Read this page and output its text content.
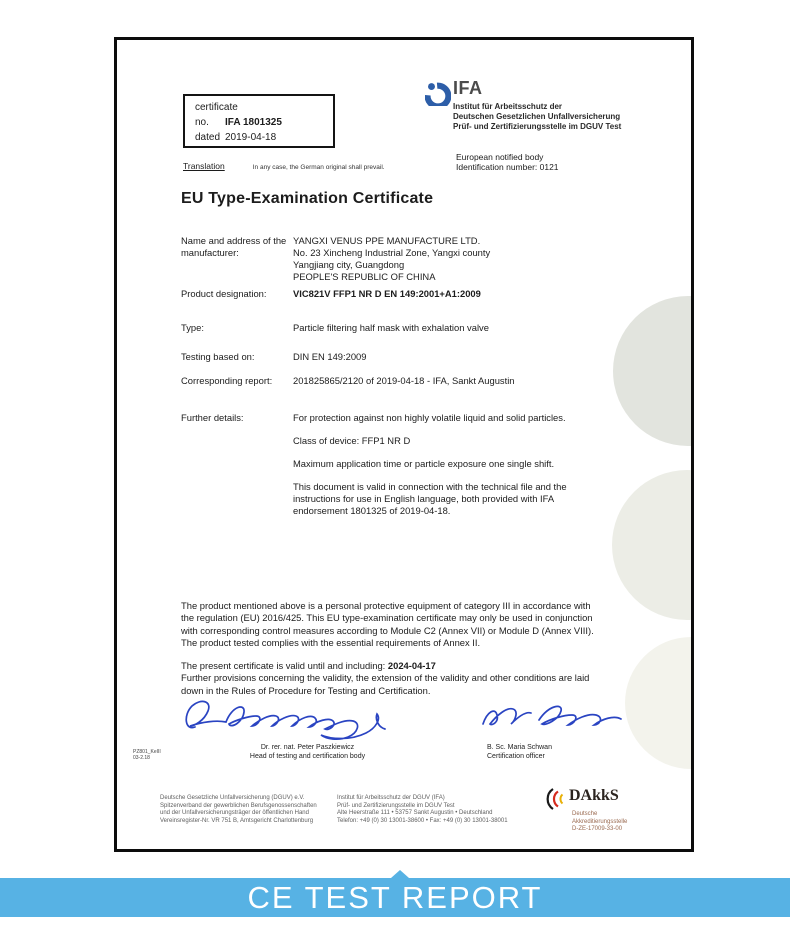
certificate
no. IFA 1801325
dated 2019-04-18
IFA
Institut für Arbeitsschutz der
Deutschen Gesetzlichen Unfallversicherung
Prüf- und Zertifizierungsstelle im DGUV Test
European notified body
Identification number: 0121
Translation	In any case, the German original shall prevail.
EU Type-Examination Certificate
Name and address of the manufacturer:
YANGXI VENUS PPE MANUFACTURE LTD.
No. 23 Xincheng Industrial Zone, Yangxi county
Yangjiang city, Guangdong
PEOPLE'S REPUBLIC OF CHINA
Product designation:	VIC821V FFP1 NR D EN 149:2001+A1:2009
Type:	Particle filtering half mask with exhalation valve
Testing based on:	DIN EN 149:2009
Corresponding report:	201825865/2120 of 2019-04-18 - IFA, Sankt Augustin
Further details:	For protection against non highly volatile liquid and solid particles.
Class of device: FFP1 NR D
Maximum application time or particle exposure one single shift.
This document is valid in connection with the technical file and the instructions for use in English language, both provided with IFA endorsement 1801325 of 2019-04-18.
The product mentioned above is a personal protective equipment of category III in accordance with the regulation (EU) 2016/425. This EU type-examination certificate may only be used in conjunction with corresponding control measures according to Module C2 (Annex VII) or Module D (Annex VIII). The product tested complies with the essential requirements of Annex II.
The present certificate is valid until and including: 2024-04-17
Further provisions concerning the validity, the extension of the validity and other conditions are laid down in the Rules of Procedure for Testing and Certification.
Dr. rer. nat. Peter Paszkiewicz
Head of testing and certification body
B. Sc. Maria Schwan
Certification officer
PZ801_KeIII
03-2.18
Deutsche Gesetzliche Unfallversicherung (DGUV) e.V.
Spitzenverband der gewerblichen Berufsgenossenschaften
und der Unfallversicherungsträger der öffentlichen Hand
Vereinsregister-Nr. VR 751 B, Amtsgericht Charlottenburg
Institut für Arbeitsschutz der DGUV (IFA)
Prüf- und Zertifizierungsstelle im DGUV Test
Alte Heerstraße 111 • 53757 Sankt Augustin • Deutschland
Telefon: +49 (0) 30 13001-38600 • Fax: +49 (0) 30 13001-38001
DAkkS
Deutsche
Akkreditierungsstelle
D-ZE-17009-33-00
CE TEST REPORT
